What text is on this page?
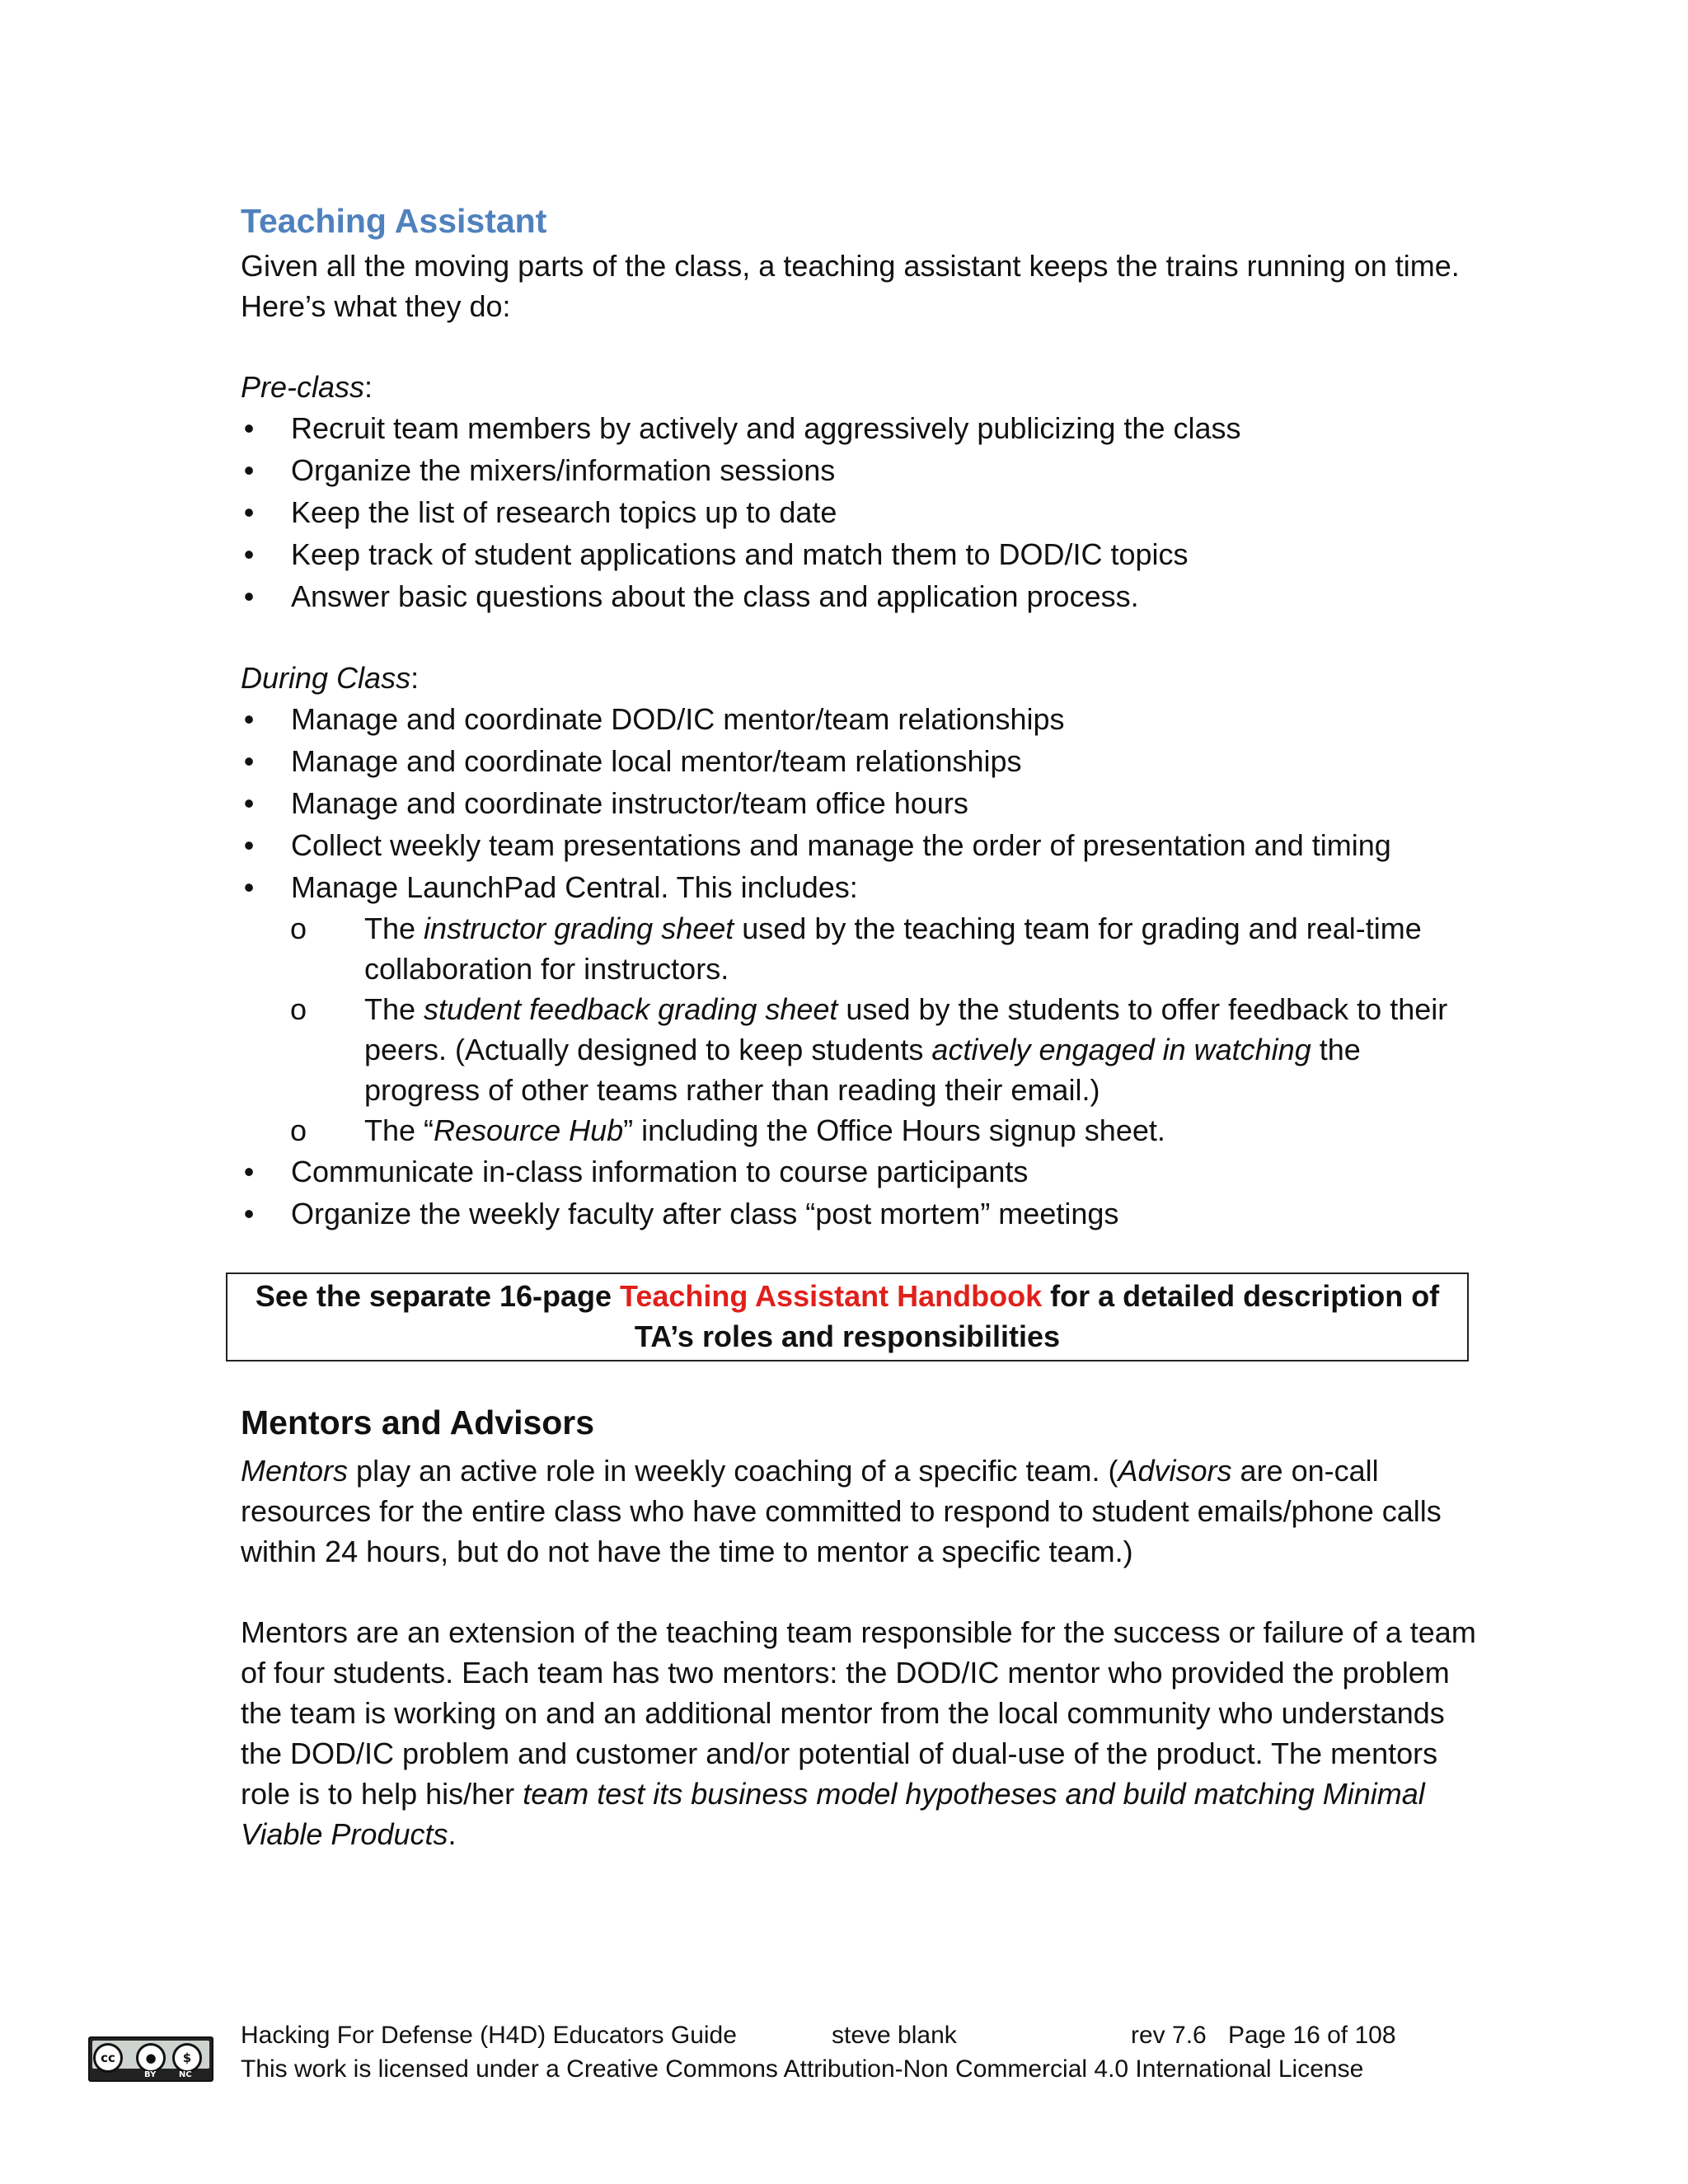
Teaching Assistant

Given all the moving parts of the class, a teaching assistant keeps the trains running on time. Here’s what they do:

Pre-class:

• Recruit team members by actively and aggressively publicizing the class
• Organize the mixers/information sessions
• Keep the list of research topics up to date
• Keep track of student applications and match them to DOD/IC topics
• Answer basic questions about the class and application process.

During Class:

• Manage and coordinate DOD/IC mentor/team relationships
• Manage and coordinate local mentor/team relationships
• Manage and coordinate instructor/team office hours
• Collect weekly team presentations and manage the order of presentation and timing
• Manage LaunchPad Central. This includes:
o The instructor grading sheet used by the teaching team for grading and real-time collaboration for instructors.
o The student feedback grading sheet used by the students to offer feedback to their peers. (Actually designed to keep students actively engaged in watching the progress of other teams rather than reading their email.)
o The “Resource Hub” including the Office Hours signup sheet.
• Communicate in-class information to course participants
• Organize the weekly faculty after class “post mortem” meetings
See the separate 16-page Teaching Assistant Handbook for a detailed description of TA’s roles and responsibilities
Mentors and Advisors

Mentors play an active role in weekly coaching of a specific team. (Advisors are on-call resources for the entire class who have committed to respond to student emails/phone calls within 24 hours, but do not have the time to mentor a specific team.)

Mentors are an extension of the teaching team responsible for the success or failure of a team of four students. Each team has two mentors: the DOD/IC mentor who provided the problem the team is working on and an additional mentor from the local community who understands the DOD/IC problem and customer and/or potential of dual-use of the product. The mentors role is to help his/her team test its business model hypotheses and build matching Minimal Viable Products.

cc	●	$
BY	NC
Hacking For Defense (H4D) Educators Guide	steve blank	rev 7.6 Page 16 of 108
This work is licensed under a Creative Commons Attribution-Non Commercial 4.0 International License
